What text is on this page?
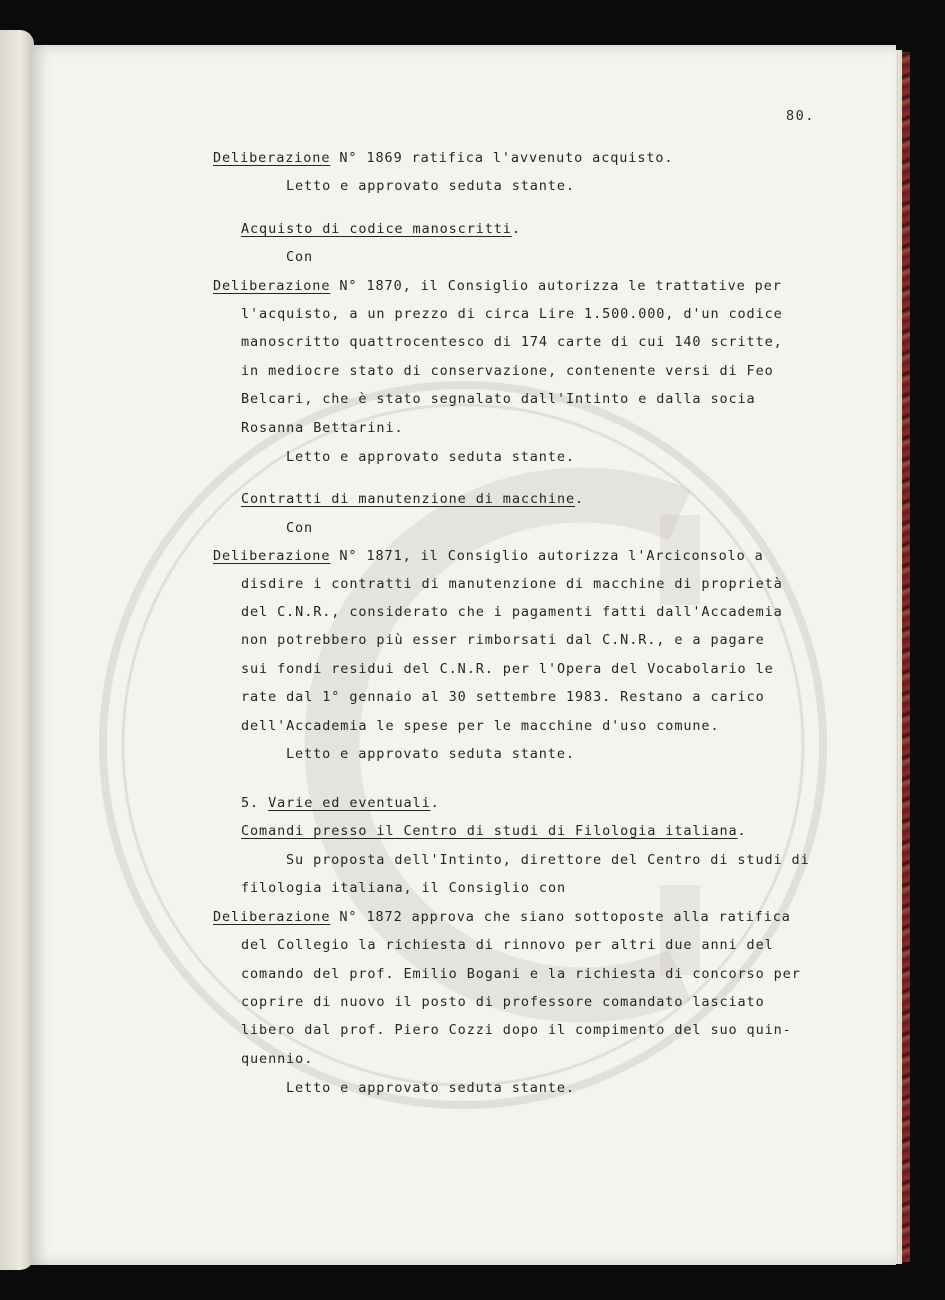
80.
Deliberazione N° 1869 ratifica l'avvenuto acquisto.
Letto e approvato seduta stante.
Acquisto di codice manoscritti.
Con
Deliberazione N° 1870, il Consiglio autorizza le trattative per
l'acquisto, a un prezzo di circa Lire 1.500.000, d'un codice
manoscritto quattrocentesco di 174 carte di cui 140 scritte,
in mediocre stato di conservazione, contenente versi di Feo
Belcari, che è stato segnalato dall'Intinto e dalla socia
Rosanna Bettarini.
Letto e approvato seduta stante.
Contratti di manutenzione di macchine.
Con
Deliberazione N° 1871, il Consiglio autorizza l'Arciconsolo a
disdire i contratti di manutenzione di macchine di proprietà
del C.N.R., considerato che i pagamenti fatti dall'Accademia
non potrebbero più esser rimborsati dal C.N.R., e a pagare
sui fondi residui del C.N.R. per l'Opera del Vocabolario le
rate dal 1° gennaio al 30 settembre 1983. Restano a carico
dell'Accademia le spese per le macchine d'uso comune.
Letto e approvato seduta stante.
5. Varie ed eventuali.
Comandi presso il Centro di studi di Filologia italiana.
Su proposta dell'Intinto, direttore del Centro di studi di
filologia italiana, il Consiglio con
Deliberazione N° 1872 approva che siano sottoposte alla ratifica
del Collegio la richiesta di rinnovo per altri due anni del
comando del prof. Emilio Bogani e la richiesta di concorso per
coprire di nuovo il posto di professore comandato lasciato
libero dal prof. Piero Cozzi dopo il compimento del suo quin-
quennio.
Letto e approvato seduta stante.
